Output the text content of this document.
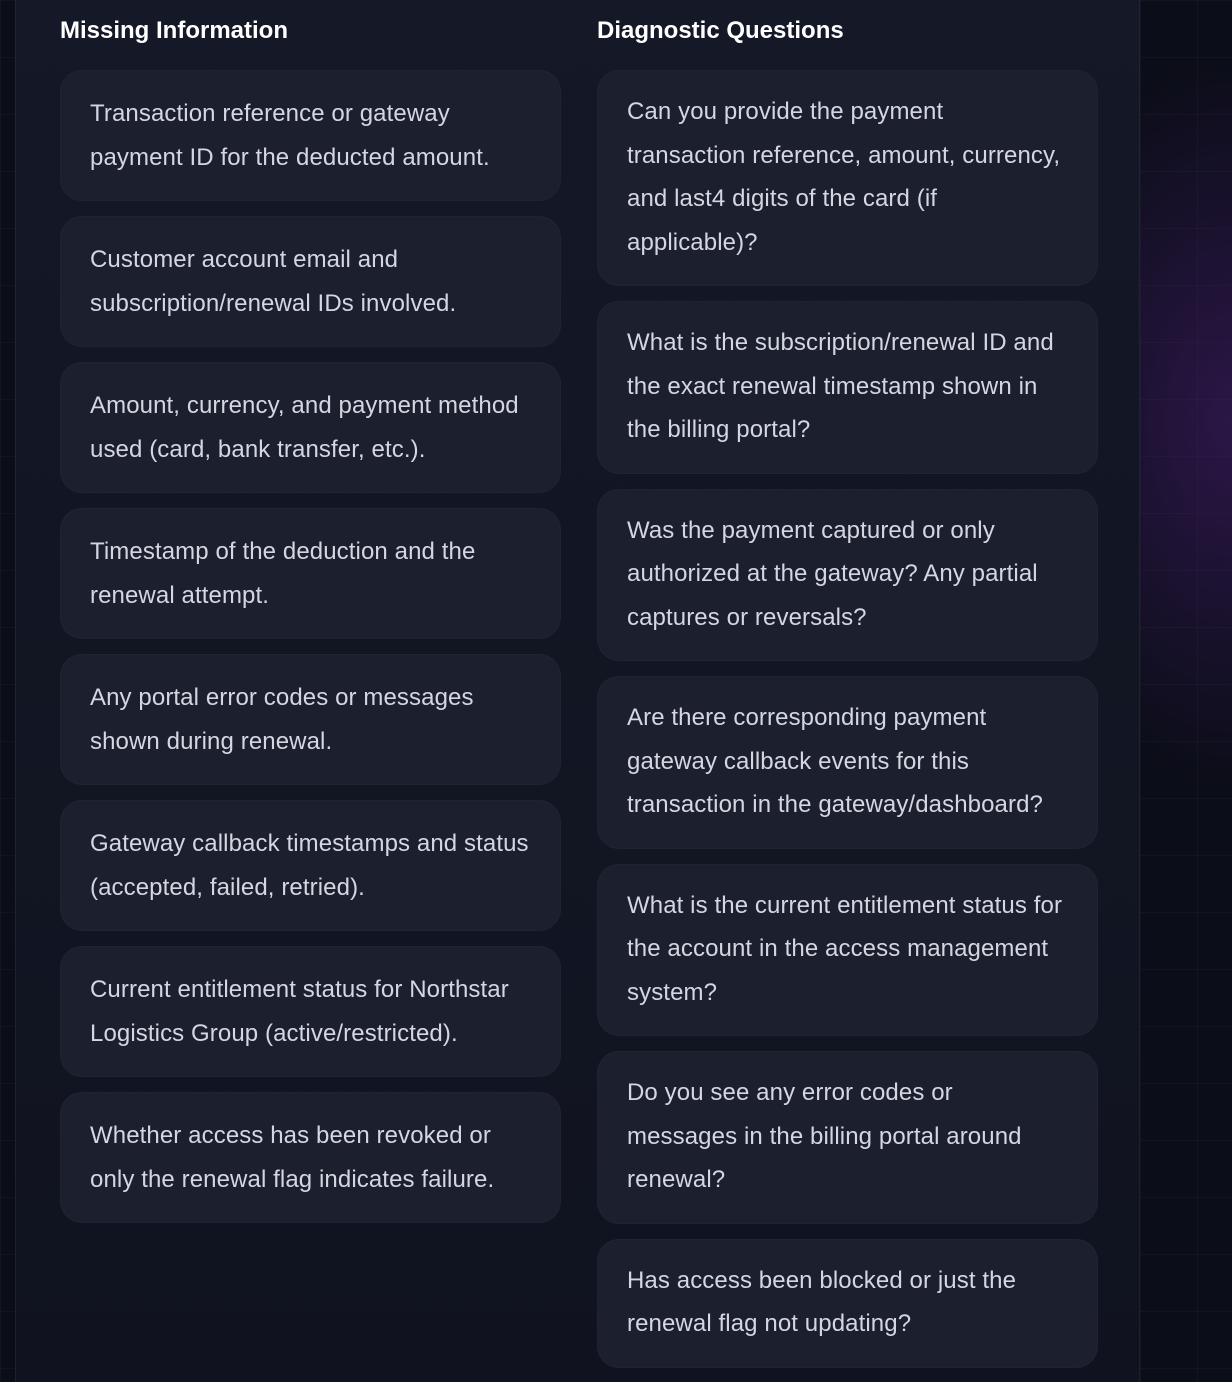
Missing Information
Transaction reference or gateway payment ID for the deducted amount.
Customer account email and subscription/renewal IDs involved.
Amount, currency, and payment method used (card, bank transfer, etc.).
Timestamp of the deduction and the renewal attempt.
Any portal error codes or messages shown during renewal.
Gateway callback timestamps and status (accepted, failed, retried).
Current entitlement status for Northstar Logistics Group (active/restricted).
Whether access has been revoked or only the renewal flag indicates failure.
Diagnostic Questions
Can you provide the payment transaction reference, amount, currency, and last4 digits of the card (if applicable)?
What is the subscription/renewal ID and the exact renewal timestamp shown in the billing portal?
Was the payment captured or only authorized at the gateway? Any partial captures or reversals?
Are there corresponding payment gateway callback events for this transaction in the gateway/dashboard?
What is the current entitlement status for the account in the access management system?
Do you see any error codes or messages in the billing portal around renewal?
Has access been blocked or just the renewal flag not updating?
